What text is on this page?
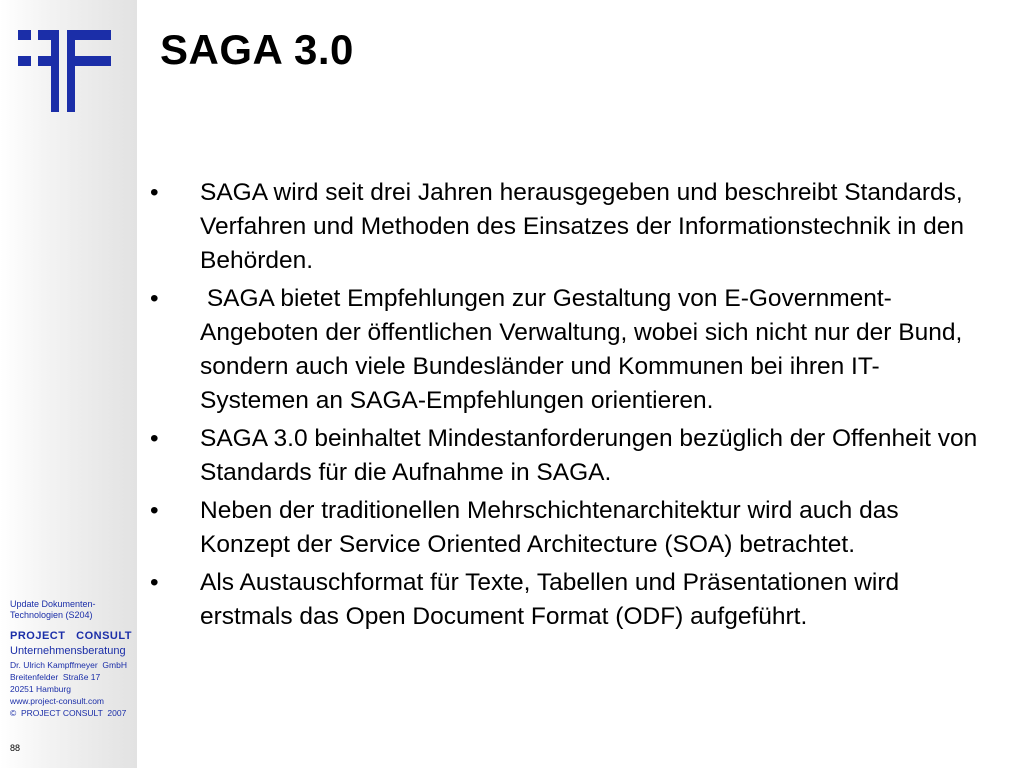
Update Dokumenten-
Technologien (S204)
PROJECT   CONSULT
Unternehmensberatung
Dr. Ulrich Kampffmeyer  GmbH
Breitenfelder  Straße 17
20251 Hamburg
www.project-consult.com
©  PROJECT CONSULT  2007
88
SAGA 3.0
•	SAGA wird seit drei Jahren herausgegeben und beschreibt Standards, Verfahren und Methoden des Einsatzes der Informationstechnik in den Behörden.
•	SAGA bietet Empfehlungen zur Gestaltung von E-Government-Angeboten der öffentlichen Verwaltung, wobei sich nicht nur der Bund, sondern auch viele Bundesländer und Kommunen bei ihren IT-Systemen an SAGA-Empfehlungen orientieren.
•	SAGA 3.0 beinhaltet Mindestanforderungen bezüglich der Offenheit von Standards für die Aufnahme in SAGA.
•	Neben der traditionellen Mehrschichtenarchitektur wird auch das Konzept der Service Oriented Architecture (SOA) betrachtet.
•	Als Austauschformat für Texte, Tabellen und Präsentationen wird erstmals das Open Document Format (ODF) aufgeführt.
